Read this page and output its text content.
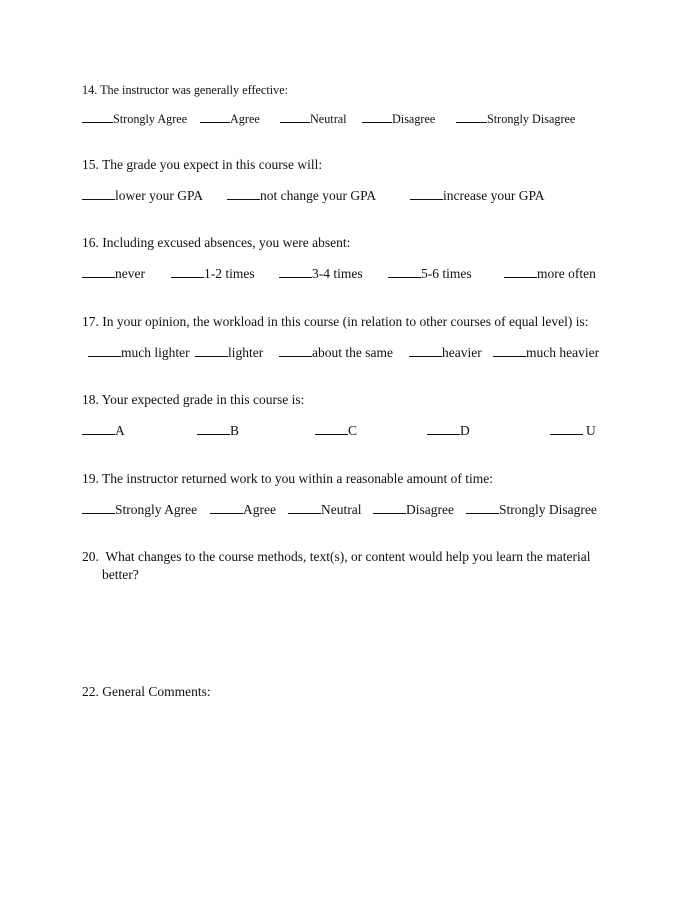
14. The instructor was generally effective:
Strongly Agree	Agree	Neutral	Disagree	Strongly Disagree
15. The grade you expect in this course will:
lower your GPA	not change your GPA	increase your GPA
16. Including excused absences, you were absent:
never	1-2 times	3-4 times	5-6 times	more often
17. In your opinion, the workload in this course (in relation to other courses of equal level) is:
much lighter	lighter	about the same	heavier	much heavier
18. Your expected grade in this course is:
A	B	C	D	U
19. The instructor returned work to you within a reasonable amount of time:
Strongly Agree	Agree	Neutral	Disagree	Strongly Disagree
20. What changes to the course methods, text(s), or content would help you learn the material
better?
22. General Comments:
